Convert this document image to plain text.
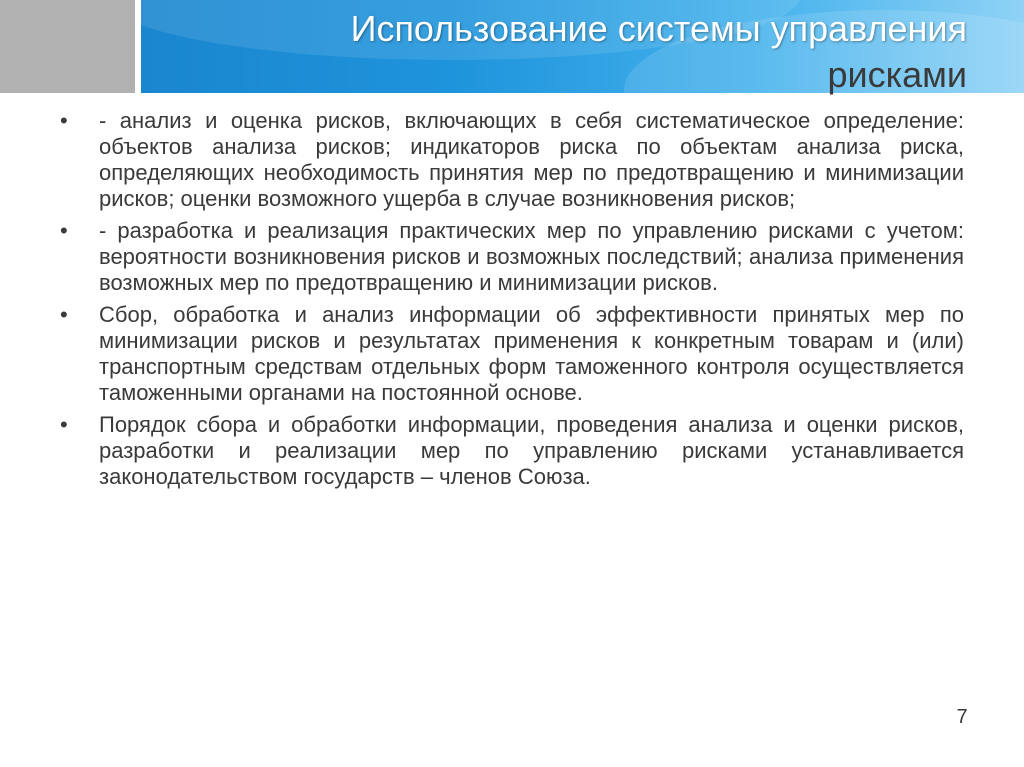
Использование системы управления
рисками
•	- анализ и оценка рисков, включающих в себя систематическое определение: объектов анализа рисков; индикаторов риска по объектам анализа риска, определяющих необходимость принятия мер по предотвращению и минимизации рисков; оценки возможного ущерба в случае возникновения рисков;
•	- разработка и реализация практических мер по управлению рисками с учетом: вероятности возникновения рисков и возможных последствий; анализа применения возможных мер по предотвращению и минимизации рисков.
•	Сбор, обработка и анализ информации об эффективности принятых мер по минимизации рисков и результатах применения к конкретным товарам и (или) транспортным средствам отдельных форм таможенного контроля осуществляется таможенными органами на постоянной основе.
•	Порядок сбора и обработки информации, проведения анализа и оценки рисков, разработки и реализации мер по управлению рисками устанавливается законодательством государств – членов Союза.
7
